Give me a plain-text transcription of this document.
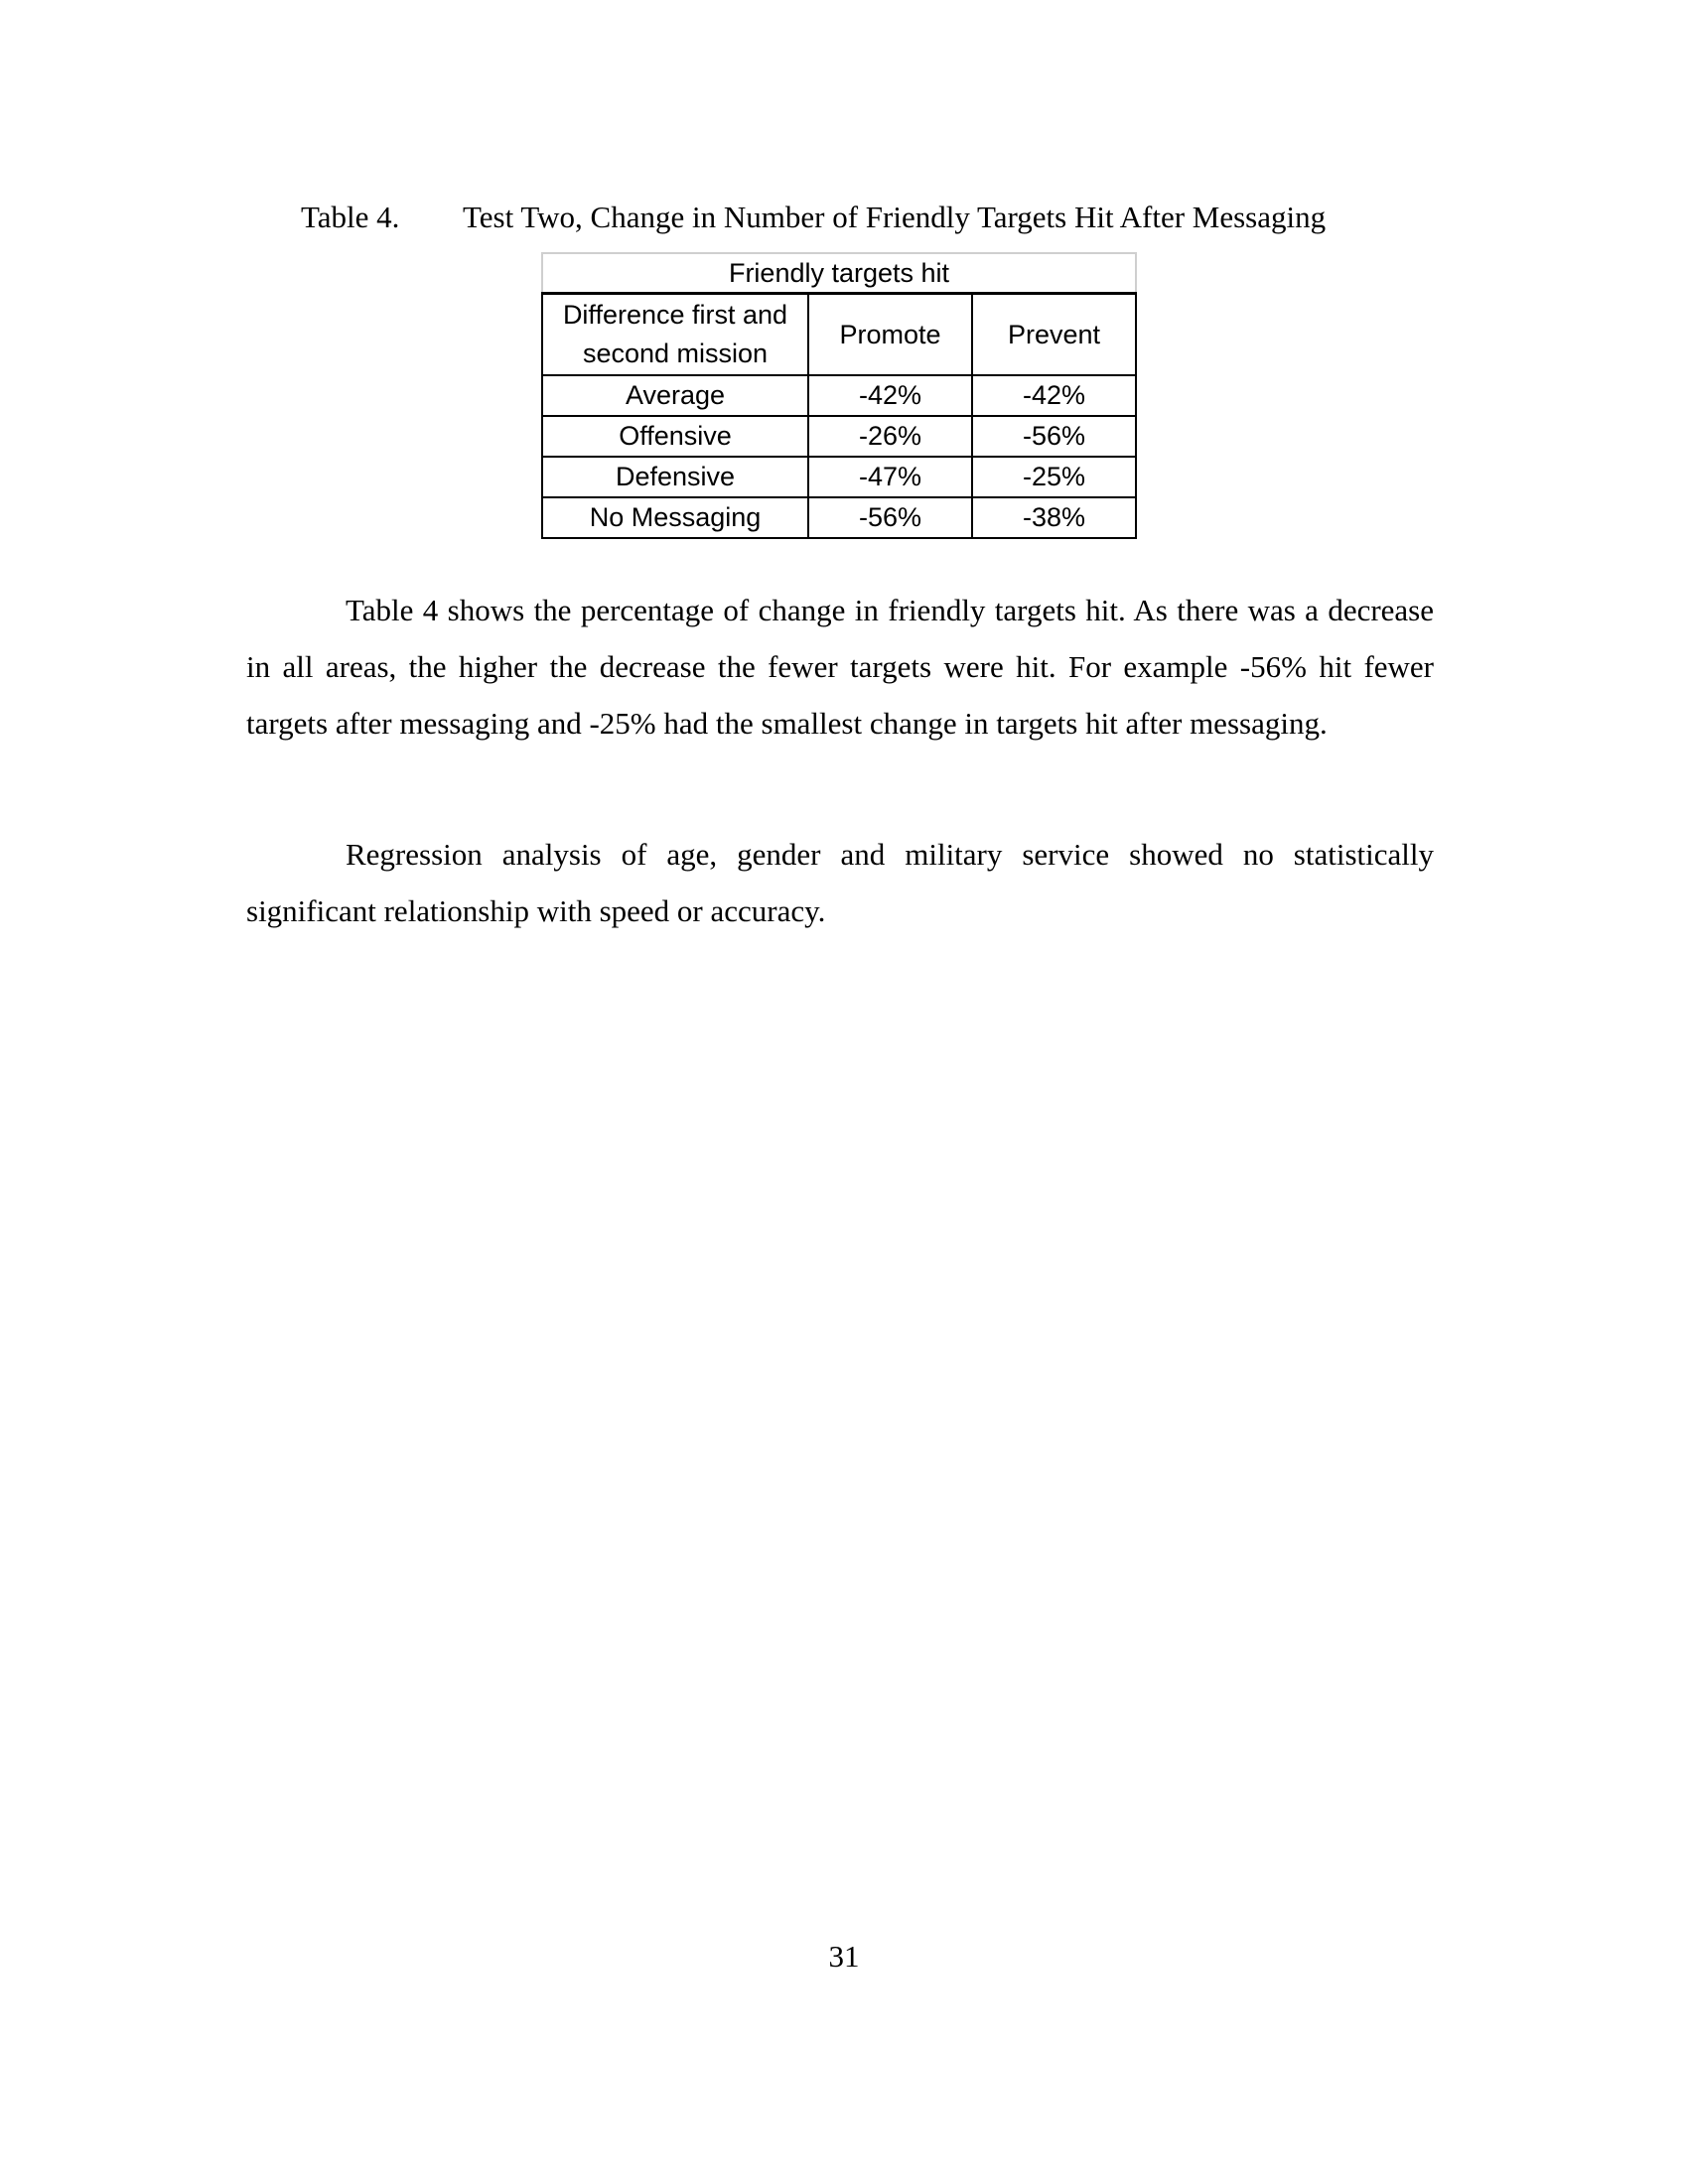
Table 4. Test Two, Change in Number of Friendly Targets Hit After Messaging
Friendly targets hit		
Difference first and second mission	Promote	Prevent
Average	-42%	-42%
Offensive	-26%	-56%
Defensive	-47%	-25%
No Messaging	-56%	-38%

Table 4 shows the percentage of change in friendly targets hit. As there was a decrease in all areas, the higher the decrease the fewer targets were hit. For example -56% hit fewer targets after messaging and -25% had the smallest change in targets hit after messaging.

Regression analysis of age, gender and military service showed no statistically significant relationship with speed or accuracy.

31
